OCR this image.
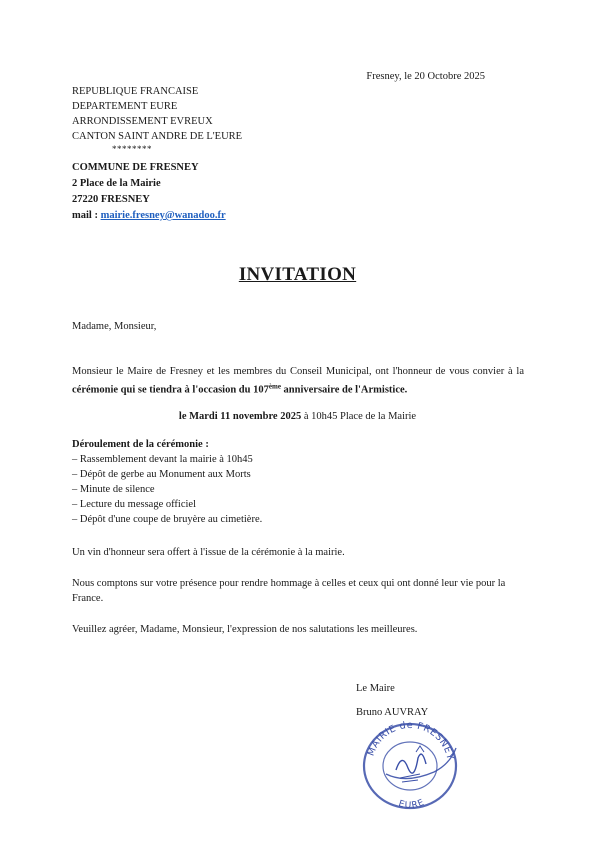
Fresney, le 20 Octobre 2025
REPUBLIQUE FRANCAISE
DEPARTEMENT EURE
ARRONDISSEMENT EVREUX
CANTON SAINT ANDRE DE L'EURE
********
COMMUNE DE FRESNEY
2 Place de la Mairie
27220 FRESNEY
mail : mairie.fresney@wanadoo.fr
INVITATION
Madame, Monsieur,
Monsieur le Maire de Fresney et les membres du Conseil Municipal, ont l'honneur de vous convier à la cérémonie qui se tiendra à l'occasion du 107ème anniversaire de l'Armistice.
le Mardi 11 novembre 2025 à 10h45 Place de la Mairie
Déroulement de la cérémonie :
– Rassemblement devant la mairie à 10h45
– Dépôt de gerbe au Monument aux Morts
– Minute de silence
– Lecture du message officiel
– Dépôt d'une coupe de bruyère au cimetière.
Un vin d'honneur sera offert à l'issue de la cérémonie à la mairie.
Nous comptons sur votre présence pour rendre hommage à celles et ceux qui ont donné leur vie pour la France.
Veuillez agréer, Madame, Monsieur, l'expression de nos salutations les meilleures.
Le Maire
Bruno AUVRAY
MAIRIE de FRESNEY
EURE
